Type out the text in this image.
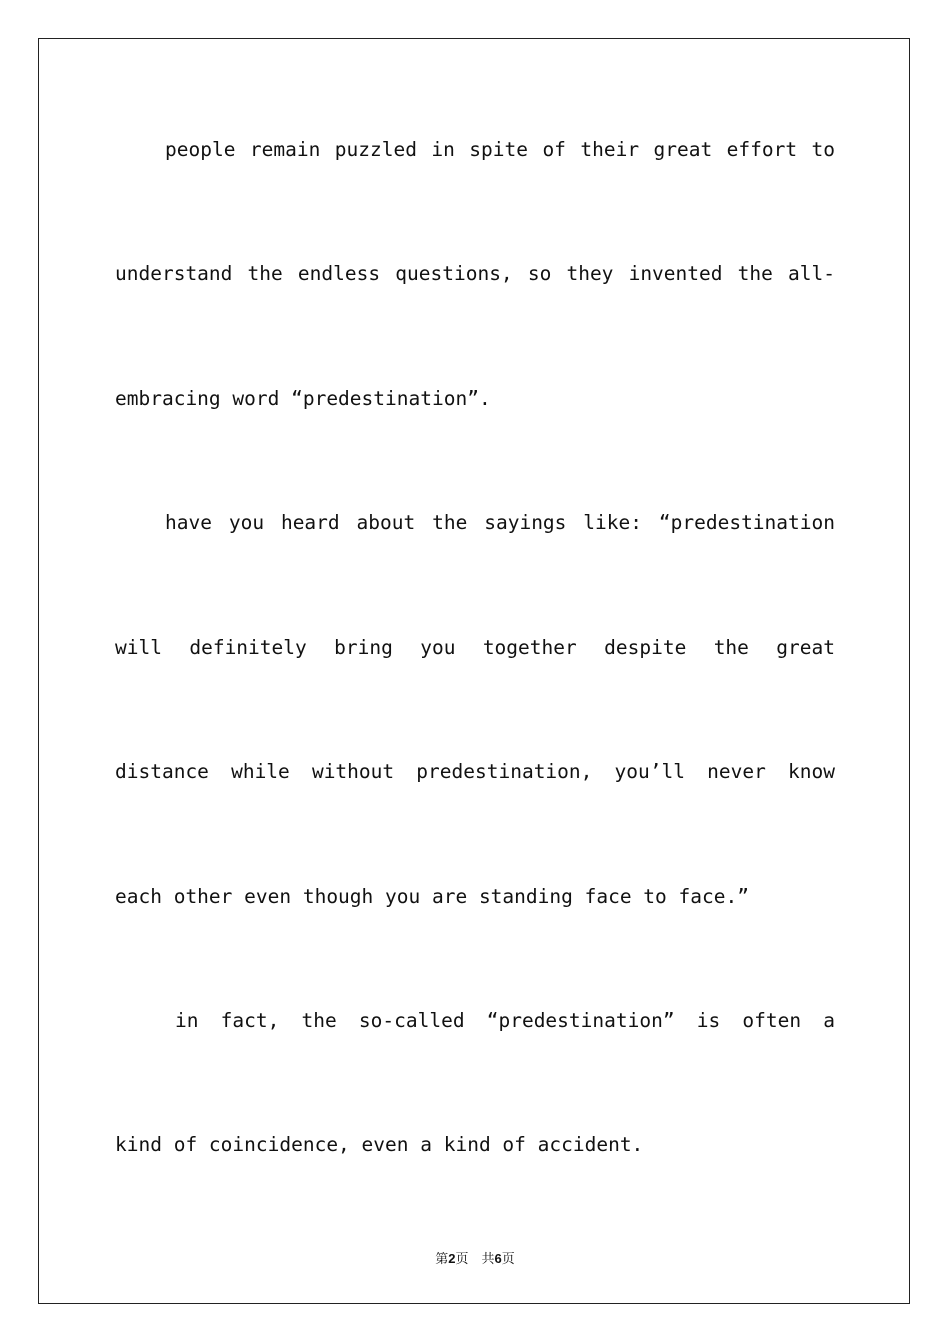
people remain puzzled in spite of their great effort to
understand the endless questions, so they invented the all-
embracing word “predestination”.
have you heard about the sayings like: “predestination
will definitely bring you together despite the great
distance while without predestination, you’ll never know
each other even though you are standing face to face.”
in fact, the so-called “predestination” is often a
kind of coincidence, even a kind of accident.
第2页　共6页
